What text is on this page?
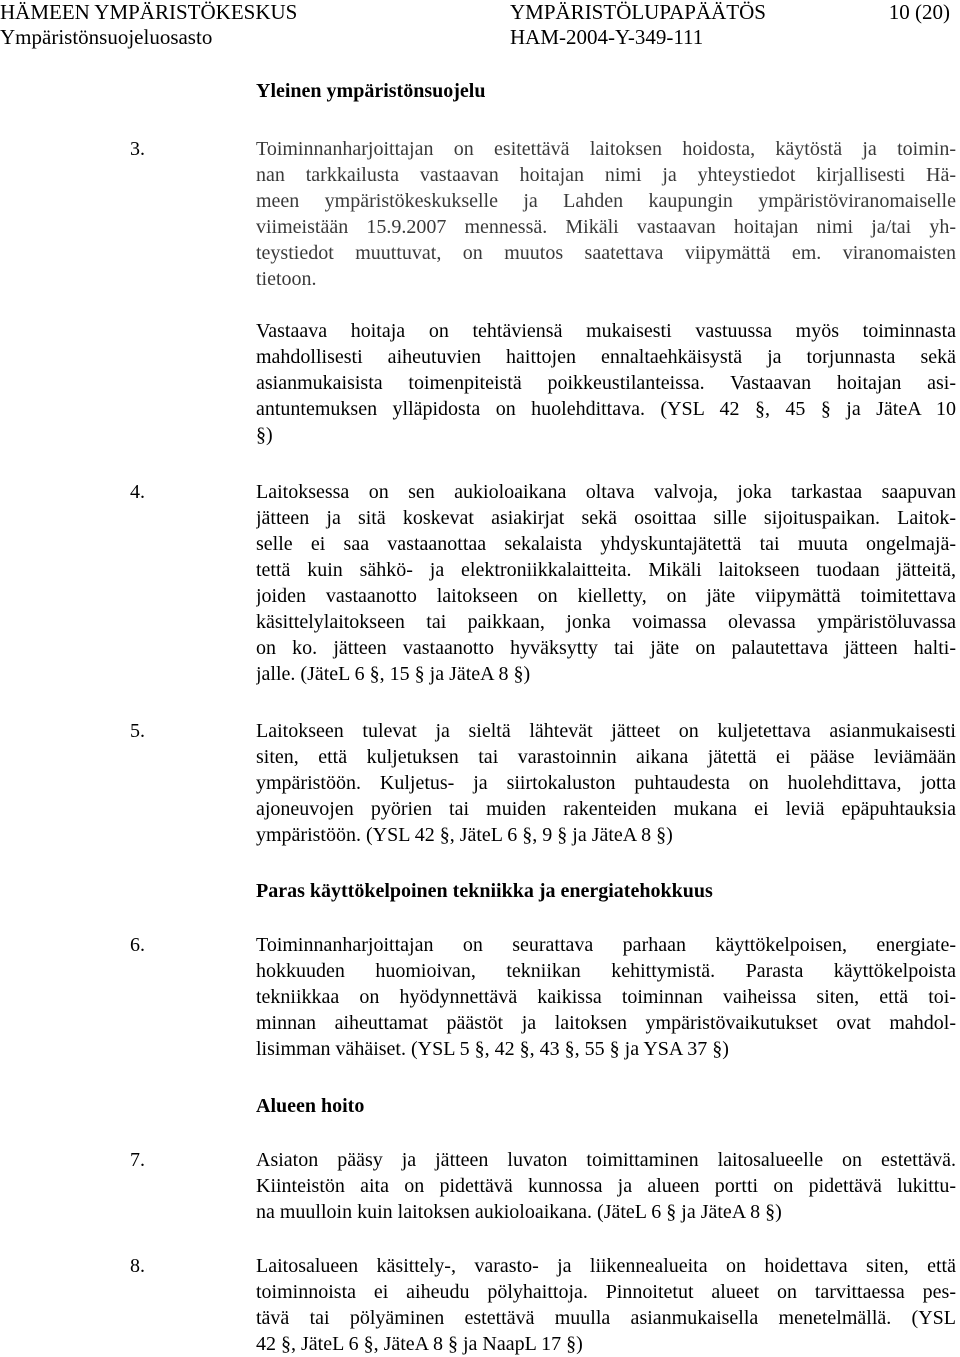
HÄMEEN YMPÄRISTÖKESKUS	YMPÄRISTÖLUPAPÄÄTÖS	10 (20)
Ympäristönsuojeluosasto	HAM-2004-Y-349-111
Yleinen ympäristönsuojelu
3.	Toiminnanharjoittajan on esitettävä laitoksen hoidosta, käytöstä ja toimin-
nan tarkkailusta vastaavan hoitajan nimi ja yhteystiedot kirjallisesti Hä-
meen ympäristökeskukselle ja Lahden kaupungin ympäristöviranomaiselle
viimeistään 15.9.2007 mennessä. Mikäli vastaavan hoitajan nimi ja/tai yh-
teystiedot muuttuvat, on muutos saatettava viipymättä em. viranomaisten
tietoon.
Vastaava hoitaja on tehtäviensä mukaisesti vastuussa myös toiminnasta
mahdollisesti aiheutuvien haittojen ennaltaehkäisystä ja torjunnasta sekä
asianmukaisista toimenpiteistä poikkeustilanteissa. Vastaavan hoitajan asi-
antuntemuksen ylläpidosta on huolehdittava. (YSL 42 §, 45 § ja JäteA 10
§)
4.	Laitoksessa on sen aukioloaikana oltava valvoja, joka tarkastaa saapuvan
jätteen ja sitä koskevat asiakirjat sekä osoittaa sille sijoituspaikan. Laitok-
selle ei saa vastaanottaa sekalaista yhdyskuntajätettä tai muuta ongelmajä-
tettä kuin sähkö- ja elektroniikkalaitteita. Mikäli laitokseen tuodaan jätteitä,
joiden vastaanotto laitokseen on kielletty, on jäte viipymättä toimitettava
käsittelylaitokseen tai paikkaan, jonka voimassa olevassa ympäristöluvassa
on ko. jätteen vastaanotto hyväksytty tai jäte on palautettava jätteen halti-
jalle. (JäteL 6 §, 15 § ja JäteA 8 §)
5.	Laitokseen tulevat ja sieltä lähtevät jätteet on kuljetettava asianmukaisesti
siten, että kuljetuksen tai varastoinnin aikana jätettä ei pääse leviämään
ympäristöön. Kuljetus- ja siirtokaluston puhtaudesta on huolehdittava, jotta
ajoneuvojen pyörien tai muiden rakenteiden mukana ei leviä epäpuhtauksia
ympäristöön. (YSL 42 §, JäteL 6 §, 9 § ja JäteA 8 §)
Paras käyttökelpoinen tekniikka ja energiatehokkuus
6.	Toiminnanharjoittajan on seurattava parhaan käyttökelpoisen, energiate-
hokkuuden huomioivan, tekniikan kehittymistä. Parasta käyttökelpoista
tekniikkaa on hyödynnettävä kaikissa toiminnan vaiheissa siten, että toi-
minnan aiheuttamat päästöt ja laitoksen ympäristövaikutukset ovat mahdol-
lisimman vähäiset. (YSL 5 §, 42 §, 43 §, 55 § ja YSA 37 §)
Alueen hoito
7.	Asiaton pääsy ja jätteen luvaton toimittaminen laitosalueelle on estettävä.
Kiinteistön aita on pidettävä kunnossa ja alueen portti on pidettävä lukittu-
na muulloin kuin laitoksen aukioloaikana. (JäteL 6 § ja JäteA 8 §)
8.	Laitosalueen käsittely-, varasto- ja liikennealueita on hoidettava siten, että
toiminnoista ei aiheudu pölyhaittoja. Pinnoitetut alueet on tarvittaessa pes-
tävä tai pölyäminen estettävä muulla asianmukaisella menetelmällä. (YSL
42 §, JäteL 6 §, JäteA 8 § ja NaapL 17 §)
